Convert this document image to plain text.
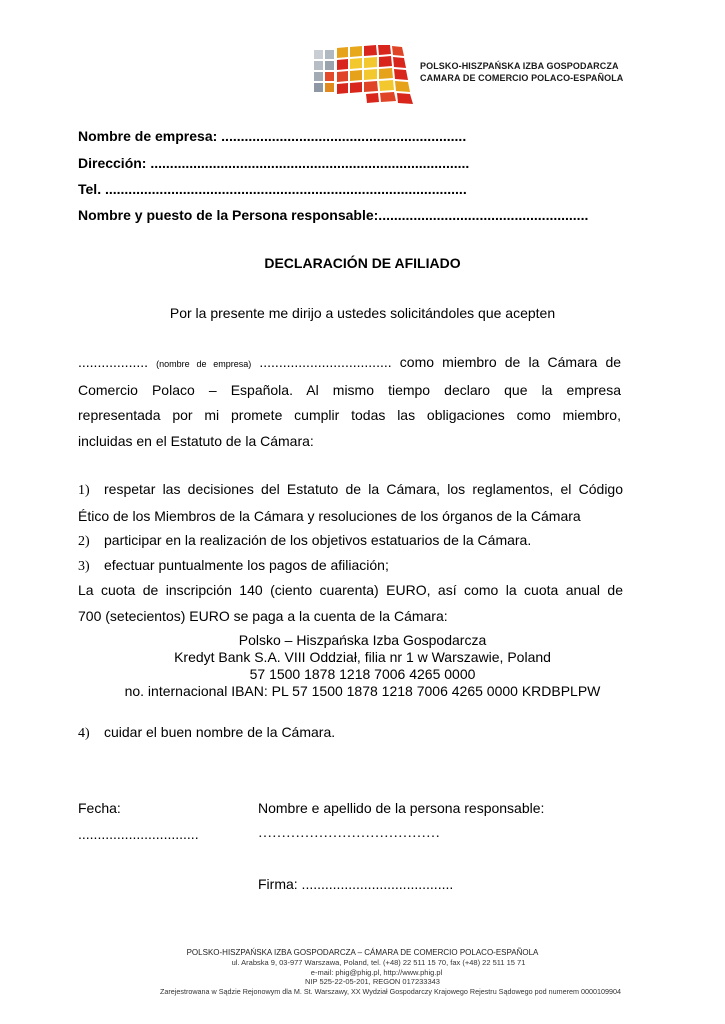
POLSKO-HISZPAŃSKA IZBA GOSPODARCZA
CAMARA DE COMERCIO POLACO-ESPAÑOLA
Nombre de empresa: ...............................................................
Dirección: ..................................................................................
Tel. .............................................................................................
Nombre y puesto de la Persona responsable:......................................................
DECLARACIÓN DE AFILIADO
Por la presente me dirijo a ustedes solicitándoles que acepten
.................. (nombre de empresa) .................................. como miembro de la Cámara de
Comercio Polaco – Española. Al mismo tiempo declaro que la empresa
representada por mi promete cumplir todas las obligaciones como miembro,
incluidas en el Estatuto de la Cámara:
1) respetar las decisiones del Estatuto de la Cámara, los reglamentos, el Código
Ético de los Miembros de la Cámara y resoluciones de los órganos de la Cámara
2) participar en la realización de los objetivos estatuarios de la Cámara.
3) efectuar puntualmente los pagos de afiliación;
La cuota de inscripción 140 (ciento cuarenta) EURO, así como la cuota anual de
700 (setecientos) EURO se paga a la cuenta de la Cámara:
Polsko – Hiszpańska Izba Gospodarcza
Kredyt Bank S.A. VIII Oddział, filia nr 1 w Warszawie, Poland
57 1500 1878 1218 7006 4265 0000
no. internacional IBAN: PL 57 1500 1878 1218 7006 4265 0000 KRDBPLPW
4) cuidar el buen nombre de la Cámara.
Fecha:
...............................
Nombre e apellido de la persona responsable:
…………………………………
Firma: .......................................
POLSKO-HISZPAŃSKA IZBA GOSPODARCZA – CÁMARA DE COMERCIO POLACO-ESPAÑOLA
ul. Arabska 9, 03-977 Warszawa, Poland, tel. (+48) 22 511 15 70, fax (+48) 22 511 15 71
e-mail: phig@phig.pl, http://www.phig.pl
NIP 525-22-05-201, REGON 017233343
Zarejestrowana w Sądzie Rejonowym dla M. St. Warszawy, XX Wydział Gospodarczy Krajowego Rejestru Sądowego pod numerem 0000109904
